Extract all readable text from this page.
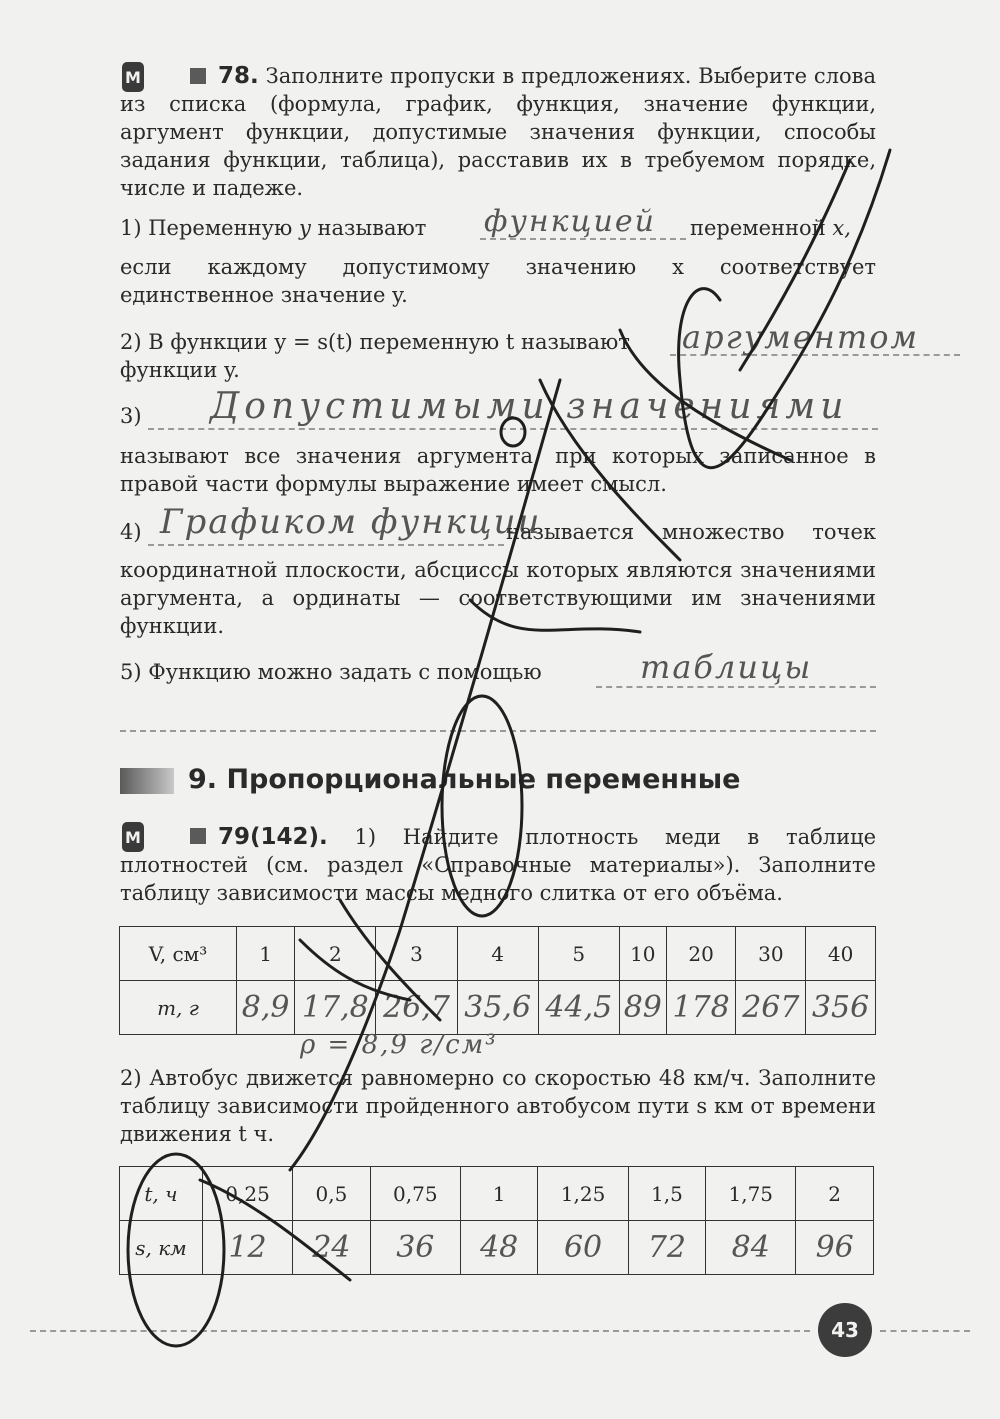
М	78. Заполните пропуски в предложениях. Выберите слова из списка (формула, график, функция, значение функции, аргумент функции, допустимые значения функции, способы задания функции, таблица), расставив их в требуемом порядке, числе и падеже.
1) Переменную y называют функцией переменной x,
если каждому допустимому значению x соответствует единственное значение y.
2) В функции y = s(t) переменную t называют аргументом
функции y.
3) Допустимыми значениями
называют все значения аргумента, при которых записанное в правой части формулы выражение имеет смысл.
4) Графиком функции
называется множество точек
координатной плоскости, абсциссы которых являются значениями аргумента, а ординаты — соответствующими им значениями функции.
5) Функцию можно задать с помощью	таблицы
9. Пропорциональные переменные
М	79(142). 1) Найдите плотность меди в таблице плотностей (см. раздел «Справочные материалы»). Заполните таблицу зависимости массы медного слитка от его объёма.
V, см³	1	2	3	4	5	10	20	30	40
m, г	8,9	17,8	26,7	35,6	44,5	89	178	267	356
ρ = 8,9 г/см³
2) Автобус движется равномерно со скоростью 48 км/ч. Заполните таблицу зависимости пройденного автобусом пути s км от времени движения t ч.
t, ч	0,25	0,5	0,75	1	1,25	1,5	1,75	2
s, км	12	24	36	48	60	72	84	96
43
